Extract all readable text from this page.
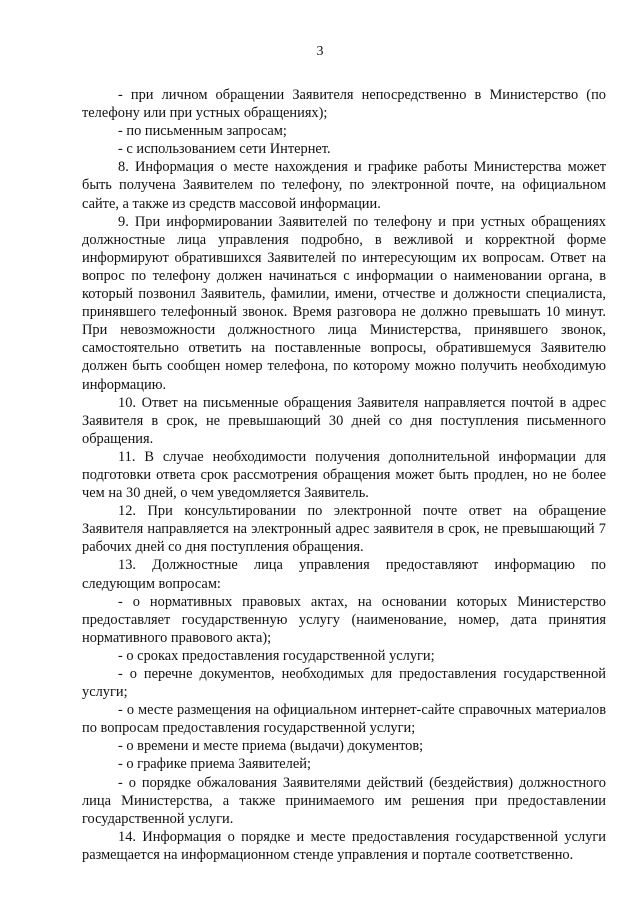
3

- при личном обращении Заявителя непосредственно в Министерство (по телефону или при устных обращениях);

- по письменным запросам;

- с использованием сети Интернет.

8. Информация о месте нахождения и графике работы Министерства может быть получена Заявителем по телефону, по электронной почте, на официальном сайте, а также из средств массовой информации.

9. При информировании Заявителей по телефону и при устных обращениях должностные лица управления подробно, в вежливой и корректной форме информируют обратившихся Заявителей по интересующим их вопросам. Ответ на вопрос по телефону должен начинаться с информации о наименовании органа, в который позвонил Заявитель, фамилии, имени, отчестве и должности специалиста, принявшего телефонный звонок. Время разговора не должно превышать 10 минут. При невозможности должностного лица Министерства, принявшего звонок, самостоятельно ответить на поставленные вопросы, обратившемуся Заявителю должен быть сообщен номер телефона, по которому можно получить необходимую информацию.

10. Ответ на письменные обращения Заявителя направляется почтой в адрес Заявителя в срок, не превышающий 30 дней со дня поступления письменного обращения.

11. В случае необходимости получения дополнительной информации для подготовки ответа срок рассмотрения обращения может быть продлен, но не более чем на 30 дней, о чем уведомляется Заявитель.

12. При консультировании по электронной почте ответ на обращение Заявителя направляется на электронный адрес заявителя в срок, не превышающий 7 рабочих дней со дня поступления обращения.

13. Должностные лица управления предоставляют информацию по следующим вопросам:

- о нормативных правовых актах, на основании которых Министерство предоставляет государственную услугу (наименование, номер, дата принятия нормативного правового акта);

- о сроках предоставления государственной услуги;

- о перечне документов, необходимых для предоставления государственной услуги;

- о месте размещения на официальном интернет-сайте справочных материалов по вопросам предоставления государственной услуги;

- о времени и месте приема (выдачи) документов;

- о графике приема Заявителей;

- о порядке обжалования Заявителями действий (бездействия) должностного лица Министерства, а также принимаемого им решения при предоставлении государственной услуги.

14. Информация о порядке и месте предоставления государственной услуги размещается на информационном стенде управления и портале соответственно.
